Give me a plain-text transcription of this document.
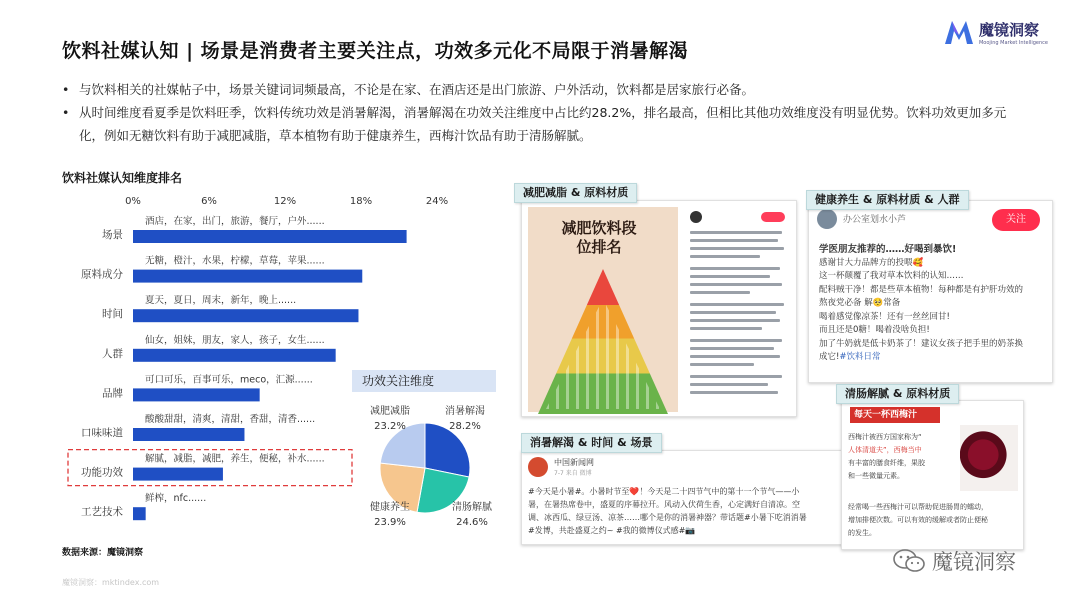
饮料社媒认知 | 场景是消费者主要关注点，功效多元化不局限于消暑解渴
魔镜洞察
Moojing Market Intelligence
• 与饮料相关的社媒帖子中，场景关键词词频最高，不论是在家、在酒店还是出门旅游、户外活动，饮料都是居家旅行必备。
• 从时间维度看夏季是饮料旺季，饮料传统功效是消暑解渴，消暑解渴在功效关注维度中占比约28.2%，排名最高，但相比其他功效维度没有明显优势。饮料功效更加多元化，例如无糖饮料有助于减肥减脂，草本植物有助于健康养生，西梅汁饮品有助于清肠解腻。
饮料社媒认知维度排名
0%	6%	12%	18%	24%
酒店，在家，出门，旅游，餐厅，户外......
场景
无糖，橙汁，水果，柠檬，草莓，苹果......
原料成分
夏天，夏日，周末，新年，晚上......
时间
仙女，姐妹，朋友，家人，孩子，女生......
人群
可口可乐，百事可乐，meco，汇源......
品牌
酸酸甜甜，清爽，清甜，香甜，清香......
口味味道
解腻，减脂，减肥，养生，便秘，补水......
功能功效
鲜榨，nfc......
工艺技术
功效关注维度
消暑解渴
28.2%
清肠解腻
24.6%
健康养生
23.9%
减肥减脂
23.2%
数据来源：魔镜洞察
魔镜洞察：mktindex.com
减肥饮料段位排名
减肥减脂 & 原料材质
办公室划水小芦	关注
学医朋友推荐的……好喝到暴饮!
感谢甘大力品牌方的投喂🥰
这一杯颠覆了我对草本饮料的认知……
配料贼干净！都是些草本植物！每种都是有护肝功效的
熬夜党必备 解🥺常备
喝着感觉像凉茶！还有一丝丝回甘!
而且还是0糖！喝着没啥负担!
加了牛奶就是低卡奶茶了！建议女孩子把手里的奶茶换
成它!#饮料日常
健康养生 & 原料材质 & 人群
中国新闻网
7-7 来自 微博
#今天是小暑#。小暑时节至❤️！今天是二十四节气中的第十一个节气——小
暑，在暑热席卷中，盛夏的序幕拉开。风动入伏荷生香，心定满好自清凉。空
调、冰西瓜、绿豆汤、凉茶……哪个是你的消暑神器？带话题#小暑下吃消消暑
#发博，共赴盛夏之约~ #我的微博仪式感#📷
消暑解渴 & 时间 & 场景
每天一杯西梅汁
西梅汁被西方国家称为“
人体清道夫”，西梅当中
有丰富的膳食纤维，果胶
和一些微量元素。
经常喝一些西梅汁可以帮助促进肠胃的蠕动，
增加排便次数。可以有效的缓解或者防止便秘
的发生。
清肠解腻 & 原料材质
魔镜洞察
